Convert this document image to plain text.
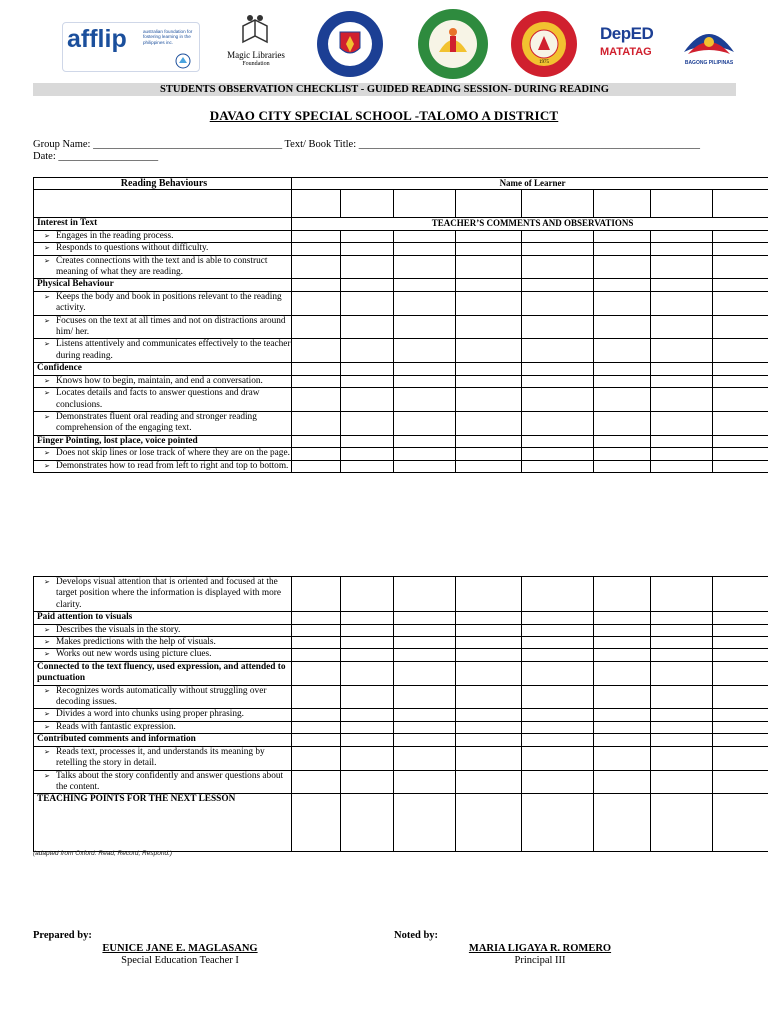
afflip	australian foundation for fostering learning in the philippines inc.
Magic Libraries
Foundation	1975
DepED
MATATAG
BAGONG PILIPINAS
STUDENTS OBSERVATION CHECKLIST - GUIDED READING SESSION- DURING READING
DAVAO CITY SPECIAL SCHOOL -TALOMO A DISTRICT
Group Name: ____________________________________ Text/ Book Title: _________________________________________________________________
Date: ___________________
Reading Behaviours	Name of Learner							

Interest in Text	TEACHER’S COMMENTS AND OBSERVATIONS							
➢ Engages in the reading process.								
➢ Responds to questions without difficulty.								
➢ Creates connections with the text and is able to construct meaning of what they are reading.								
Physical Behaviour								
➢ Keeps the body and book in positions relevant to the reading activity.								
➢ Focuses on the text at all times and not on distractions around him/ her.								
➢ Listens attentively and communicates effectively to the teacher during reading.								
Confidence								
➢ Knows how to begin, maintain, and end a conversation.								
➢ Locates details and facts to answer questions and draw conclusions.								
➢ Demonstrates fluent oral reading and stronger reading comprehension of the engaging text.								
Finger Pointing, lost place, voice pointed								
➢ Does not skip lines or lose track of where they are on the page.								
➢ Demonstrates how to read from left to right and top to bottom.								
➢ Develops visual attention that is oriented and focused at the target position where the information is displayed with more clarity.								
Paid attention to visuals								
➢ Describes the visuals in the story.								
➢ Makes predictions with the help of visuals.								
➢ Works out new words using picture clues.								
Connected to the text fluency, used expression, and attended to punctuation								
➢ Recognizes words automatically without struggling over decoding issues.								
➢ Divides a word into chunks using proper phrasing.								
➢ Reads with fantastic expression.								
Contributed comments and information								
➢ Reads text, processes it, and understands its meaning by retelling the story in detail.								
➢ Talks about the story confidently and answer questions about the content.								
TEACHING POINTS FOR THE NEXT LESSON								
(adapted from Oxford: Read, Record, Respond.)
Prepared by:
EUNICE JANE E. MAGLASANG
Special Education Teacher I
Noted by:
MARIA LIGAYA R. ROMERO
Principal III
